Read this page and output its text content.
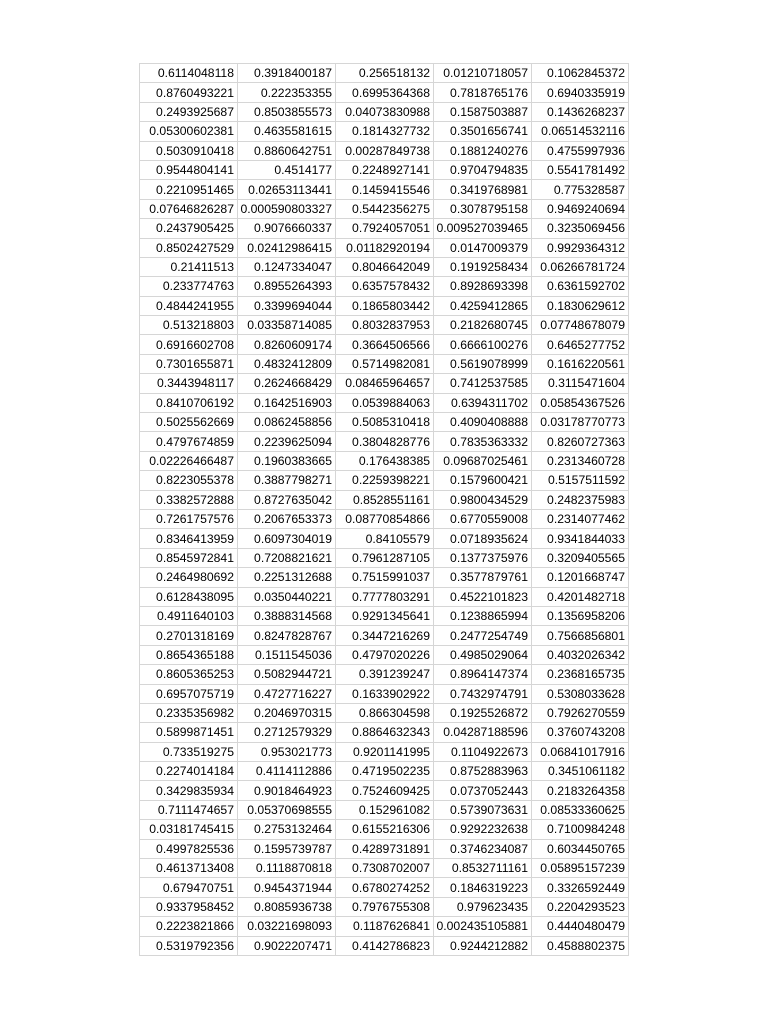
0.6114048118	0.3918400187	0.256518132	0.01210718057	0.1062845372
0.8760493221	0.222353355	0.6995364368	0.7818765176	0.6940335919
0.2493925687	0.8503855573	0.04073830988	0.1587503887	0.1436268237
0.05300602381	0.4635581615	0.1814327732	0.3501656741	0.06514532116
0.5030910418	0.8860642751	0.00287849738	0.1881240276	0.4755997936
0.9544804141	0.4514177	0.2248927141	0.9704794835	0.5541781492
0.2210951465	0.02653113441	0.1459415546	0.3419768981	0.775328587
0.07646826287	0.000590803327	0.5442356275	0.3078795158	0.9469240694
0.2437905425	0.9076660337	0.7924057051	0.009527039465	0.3235069456
0.8502427529	0.02412986415	0.01182920194	0.0147009379	0.9929364312
0.21411513	0.1247334047	0.8046642049	0.1919258434	0.06266781724
0.233774763	0.8955264393	0.6357578432	0.8928693398	0.6361592702
0.4844241955	0.3399694044	0.1865803442	0.4259412865	0.1830629612
0.513218803	0.03358714085	0.8032837953	0.2182680745	0.07748678079
0.6916602708	0.8260609174	0.3664506566	0.6666100276	0.6465277752
0.7301655871	0.4832412809	0.5714982081	0.5619078999	0.1616220561
0.3443948117	0.2624668429	0.08465964657	0.7412537585	0.3115471604
0.8410706192	0.1642516903	0.0539884063	0.6394311702	0.05854367526
0.5025562669	0.0862458856	0.5085310418	0.4090408888	0.03178770773
0.4797674859	0.2239625094	0.3804828776	0.7835363332	0.8260727363
0.02226466487	0.1960383665	0.176438385	0.09687025461	0.2313460728
0.8223055378	0.3887798271	0.2259398221	0.1579600421	0.5157511592
0.3382572888	0.8727635042	0.8528551161	0.9800434529	0.2482375983
0.7261757576	0.2067653373	0.08770854866	0.6770559008	0.2314077462
0.8346413959	0.6097304019	0.84105579	0.0718935624	0.9341844033
0.8545972841	0.7208821621	0.7961287105	0.1377375976	0.3209405565
0.2464980692	0.2251312688	0.7515991037	0.3577879761	0.1201668747
0.6128438095	0.0350440221	0.7777803291	0.4522101823	0.4201482718
0.4911640103	0.3888314568	0.9291345641	0.1238865994	0.1356958206
0.2701318169	0.8247828767	0.3447216269	0.2477254749	0.7566856801
0.8654365188	0.1511545036	0.4797020226	0.4985029064	0.4032026342
0.8605365253	0.5082944721	0.391239247	0.8964147374	0.2368165735
0.6957075719	0.4727716227	0.1633902922	0.7432974791	0.5308033628
0.2335356982	0.2046970315	0.866304598	0.1925526872	0.7926270559
0.5899871451	0.2712579329	0.8864632343	0.04287188596	0.3760743208
0.733519275	0.953021773	0.9201141995	0.1104922673	0.06841017916
0.2274014184	0.4114112886	0.4719502235	0.8752883963	0.3451061182
0.3429835934	0.9018464923	0.7524609425	0.0737052443	0.2183264358
0.7111474657	0.05370698555	0.152961082	0.5739073631	0.08533360625
0.03181745415	0.2753132464	0.6155216306	0.9292232638	0.7100984248
0.4997825536	0.1595739787	0.4289731891	0.3746234087	0.6034450765
0.4613713408	0.1118870818	0.7308702007	0.8532711161	0.05895157239
0.679470751	0.9454371944	0.6780274252	0.1846319223	0.3326592449
0.9337958452	0.8085936738	0.7976755308	0.979623435	0.2204293523
0.2223821866	0.03221698093	0.1187626841	0.002435105881	0.4440480479
0.5319792356	0.9022207471	0.4142786823	0.9244212882	0.4588802375
